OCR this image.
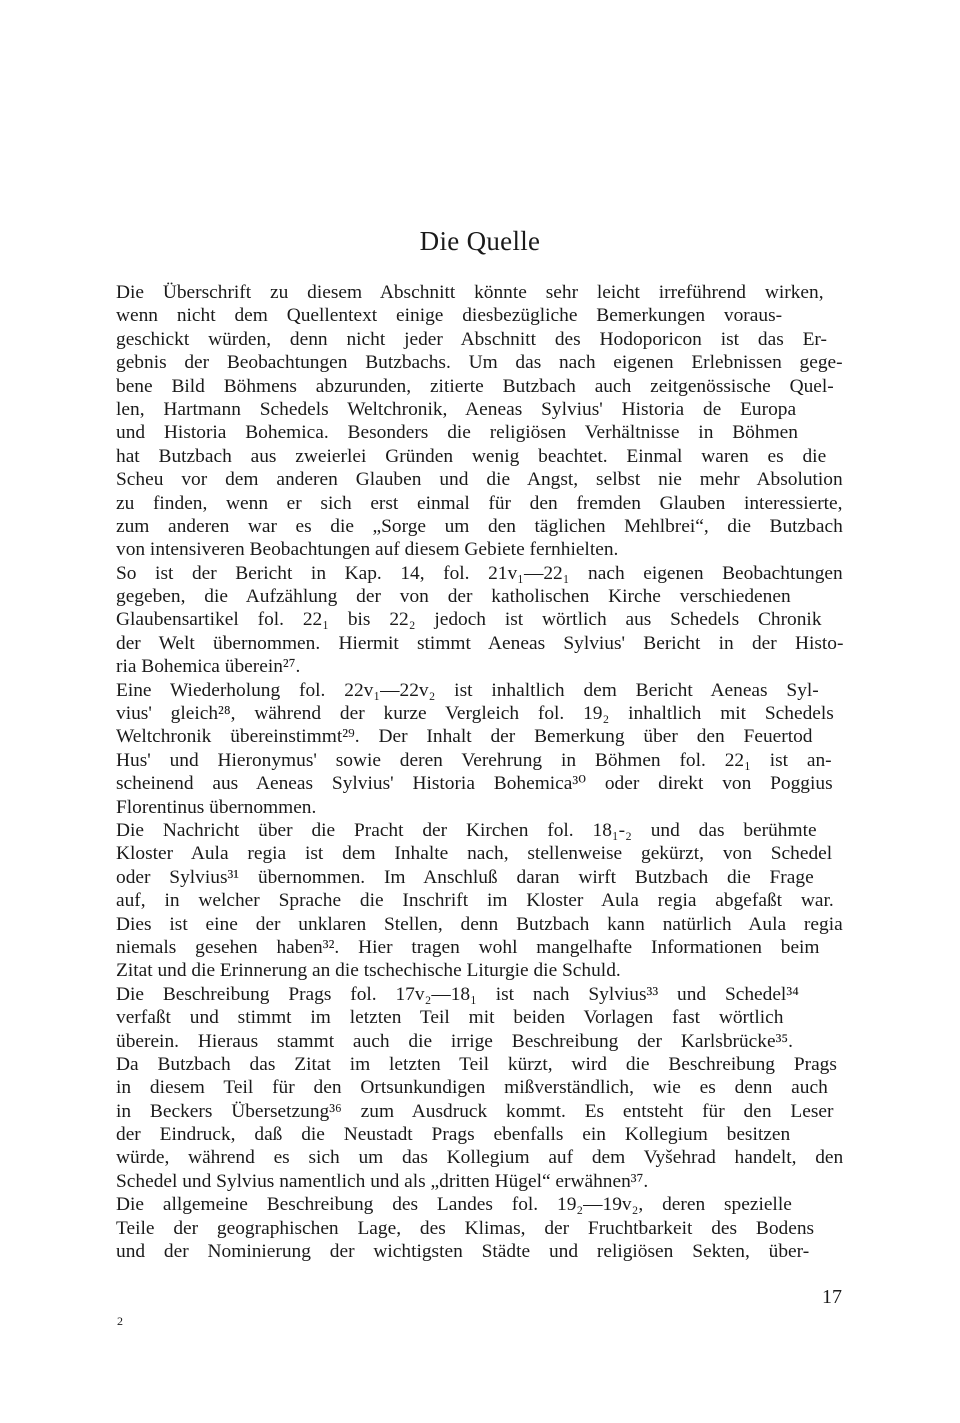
Die Quelle
Die Überschrift zu diesem Abschnitt könnte sehr leicht irreführend wirken,
wenn nicht dem Quellentext einige diesbezügliche Bemerkungen voraus-
geschickt würden, denn nicht jeder Abschnitt des Hodoporicon ist das Er-
gebnis der Beobachtungen Butzbachs. Um das nach eigenen Erlebnissen gege-
bene Bild Böhmens abzurunden, zitierte Butzbach auch zeitgenössische Quel-
len, Hartmann Schedels Weltchronik, Aeneas Sylvius' Historia de Europa
und Historia Bohemica. Besonders die religiösen Verhältnisse in Böhmen
hat Butzbach aus zweierlei Gründen wenig beachtet. Einmal waren es die
Scheu vor dem anderen Glauben und die Angst, selbst nie mehr Absolution
zu finden, wenn er sich erst einmal für den fremden Glauben interessierte,
zum anderen war es die „Sorge um den täglichen Mehlbrei“, die Butzbach
von intensiveren Beobachtungen auf diesem Gebiete fernhielten.
So ist der Bericht in Kap. 14, fol. 21v₁—22₁ nach eigenen Beobachtungen
gegeben, die Aufzählung der von der katholischen Kirche verschiedenen
Glaubensartikel fol. 22₁ bis 22₂ jedoch ist wörtlich aus Schedels Chronik
der Welt übernommen. Hiermit stimmt Aeneas Sylvius' Bericht in der Histo-
ria Bohemica überein²⁷.
Eine Wiederholung fol. 22v₁—22v₂ ist inhaltlich dem Bericht Aeneas Syl-
vius' gleich²⁸, während der kurze Vergleich fol. 19₂ inhaltlich mit Schedels
Weltchronik übereinstimmt²⁹. Der Inhalt der Bemerkung über den Feuertod
Hus' und Hieronymus' sowie deren Verehrung in Böhmen fol. 22₁ ist an-
scheinend aus Aeneas Sylvius' Historia Bohemica³⁰ oder direkt von Poggius
Florentinus übernommen.
Die Nachricht über die Pracht der Kirchen fol. 18₁-₂ und das berühmte
Kloster Aula regia ist dem Inhalte nach, stellenweise gekürzt, von Schedel
oder Sylvius³¹ übernommen. Im Anschluß daran wirft Butzbach die Frage
auf, in welcher Sprache die Inschrift im Kloster Aula regia abgefaßt war.
Dies ist eine der unklaren Stellen, denn Butzbach kann natürlich Aula regia
niemals gesehen haben³². Hier tragen wohl mangelhafte Informationen beim
Zitat und die Erinnerung an die tschechische Liturgie die Schuld.
Die Beschreibung Prags fol. 17v₂—18₁ ist nach Sylvius³³ und Schedel³⁴
verfaßt und stimmt im letzten Teil mit beiden Vorlagen fast wörtlich
überein. Hieraus stammt auch die irrige Beschreibung der Karlsbrücke³⁵.
Da Butzbach das Zitat im letzten Teil kürzt, wird die Beschreibung Prags
in diesem Teil für den Ortsunkundigen mißverständlich, wie es denn auch
in Beckers Übersetzung³⁶ zum Ausdruck kommt. Es entsteht für den Leser
der Eindruck, daß die Neustadt Prags ebenfalls ein Kollegium besitzen
würde, während es sich um das Kollegium auf dem Vyšehrad handelt, den
Schedel und Sylvius namentlich und als „dritten Hügel“ erwähnen³⁷.
Die allgemeine Beschreibung des Landes fol. 19₂—19v₂, deren spezielle
Teile der geographischen Lage, des Klimas, der Fruchtbarkeit des Bodens
und der Nominierung der wichtigsten Städte und religiösen Sekten, über-
17
2
